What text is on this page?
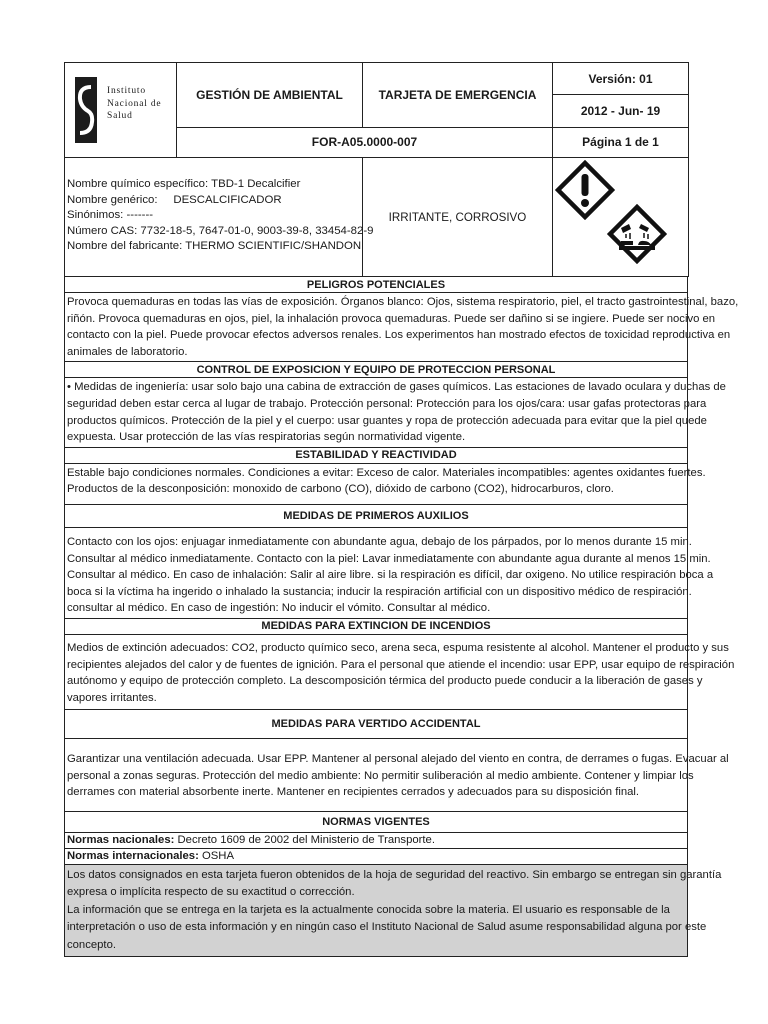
Instituto
Nacional de
Salud	GESTIÓN DE AMBIENTAL	TARJETA DE EMERGENCIA	Versión: 01
			2012 - Jun- 19
	FOR-A05.0000-007		Página 1 de 1
Nombre químico específico: TBD-1 Decalcifier
Nombre genérico:     DESCALCIFICADOR
Sinónimos: -------
Número CAS: 7732-18-5, 7647-01-0, 9003-39-8, 33454-82-9
Nombre del fabricante: THERMO SCIENTIFIC/SHANDON
	IRRITANTE, CORROSIVO	
PELIGROS POTENCIALES

Provoca quemaduras en todas las vías de exposición. Órganos blanco: Ojos, sistema respiratorio, piel, el tracto gastrointestinal, bazo,
riñón. Provoca quemaduras en ojos, piel, la inhalación provoca quemaduras. Puede ser dañino si se ingiere. Puede ser nocivo en
contacto con la piel. Puede provocar efectos adversos renales. Los experimentos han mostrado efectos de toxicidad reproductiva en
animales de laboratorio.

CONTROL DE EXPOSICION Y EQUIPO DE PROTECCION PERSONAL

• Medidas de ingeniería: usar solo bajo una cabina de extracción de gases químicos. Las estaciones de lavado ocularа y duchas de
seguridad deben estar cerca al lugar de trabajo. Protección personal: Protección para los ojos/cara: usar gafas protectoras para
productos químicos. Protección de la piel y el cuerpo: usar guantes y ropa de protección adecuada para evitar que la piel quede
expuesta. Usar protección de las vías respiratorias según normatividad vigente.

ESTABILIDAD Y REACTIVIDAD

Estable bajo condiciones normales. Condiciones a evitar: Exceso de calor. Materiales incompatibles: agentes oxidantes fuertes.
Productos de la desconposición: monoxido de carbono (CO), dióxido de carbono (CO2), hidrocarburos, cloro.

MEDIDAS DE PRIMEROS AUXILIOS

Contacto con los ojos: enjuagar inmediatamente con abundante agua, debajo de los párpados, por lo menos durante 15 min.
Consultar al médico inmediatamente. Contacto con la piel: Lavar inmediatamente con abundante agua durante al menos 15 min.
Consultar al médico. En caso de inhalación: Salir al aire libre. si la respiración es difícil, dar oxigeno. No utilice respiración boca a
boca si la víctima ha ingerido o inhalado la sustancia; inducir la respiración artificial con un dispositivo médico de respiración.
consultar al médico. En caso de ingestión: No inducir el vómito. Consultar al médico.

MEDIDAS PARA EXTINCION DE INCENDIOS

Medios de extinción adecuados: CO2, producto químico seco, arena seca, espuma resistente al alcohol. Mantener el producto y sus
recipientes alejados del calor y de fuentes de ignición. Para el personal que atiende el incendio: usar EPP, usar equipo de respiración
autónomo y equipo de protección completo. La descomposición térmica del producto puede conducir a la liberación de gases y
vapores irritantes.

MEDIDAS PARA VERTIDO ACCIDENTAL

Garantizar una ventilación adecuada. Usar EPP. Mantener al personal alejado del viento en contra, de derrames o fugas. Evacuar al
personal a zonas seguras. Protección del medio ambiente: No permitir suliberación al medio ambiente. Contener y limpiar los
derrames con material absorbente inerte. Mantener en recipientes cerrados y adecuados para su disposición final.

NORMAS VIGENTES
Normas nacionales: Decreto 1609 de 2002 del Ministerio de Transporte.
Normas internacionales: OSHA

Los datos consignados en esta tarjeta fueron obtenidos de la hoja de seguridad del reactivo. Sin embargo se entregan sin garantía
expresa o implícita respecto de su exactitud o corrección.
La información que se entrega en la tarjeta es la actualmente conocida sobre la materia. El usuario es responsable de la
interpretación o uso de esta información y en ningún caso el Instituto Nacional de Salud asume responsabilidad alguna por este
concepto.
